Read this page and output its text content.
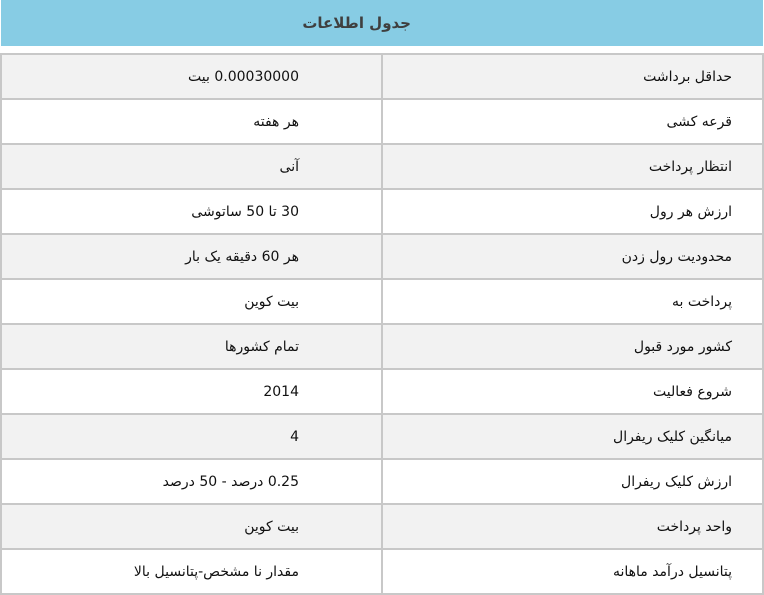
جدول اطلاعات	

حداقل برداشت	0.00030000 بیت
قرعه کشی	هر هفته
انتظار پرداخت	آنی
ارزش هر رول	30 تا 50 ساتوشی
محدودیت رول زدن	هر 60 دقیقه یک بار
پرداخت به	بیت کوین
کشور مورد قبول	تمام کشورها
شروع فعالیت	2014
میانگین کلیک ریفرال	4
ارزش کلیک ریفرال	0.25 درصد - 50 درصد
واحد پرداخت	بیت کوین
پتانسیل درآمد ماهانه	مقدار نا مشخص-پتانسیل بالا
